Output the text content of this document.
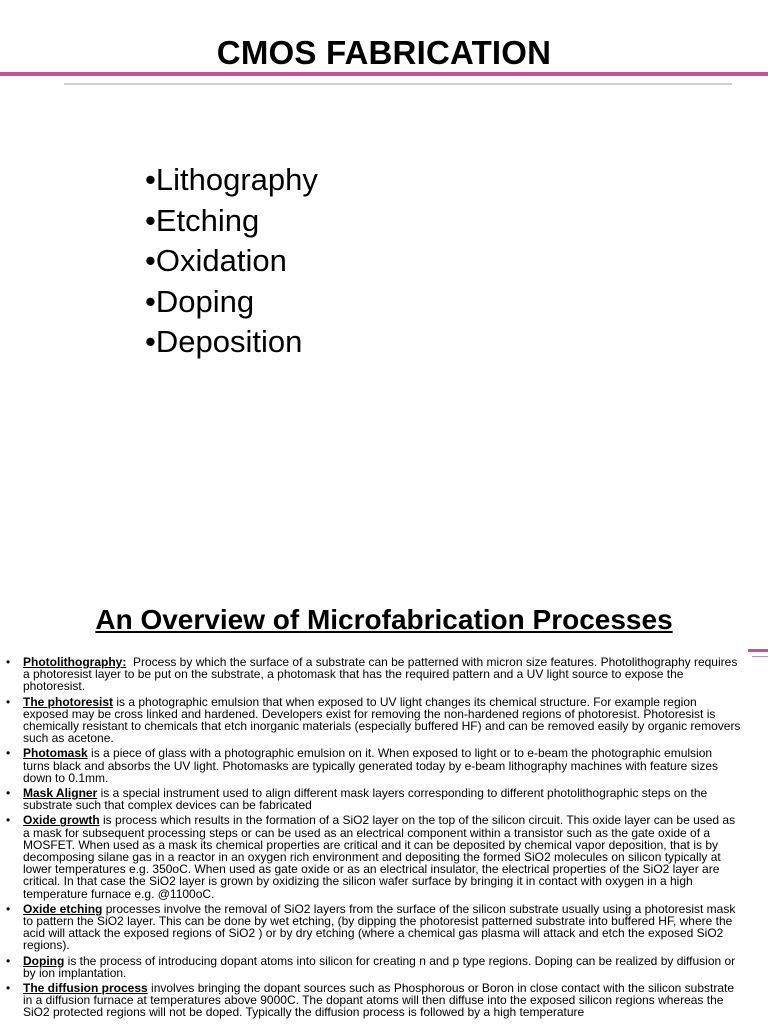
CMOS FABRICATION
•Lithography
•Etching
•Oxidation
•Doping
•Deposition
An Overview of Microfabrication Processes
• Photolithography: Process by which the surface of a substrate can be patterned with micron size features. Photolithography requires a photoresist layer to be put on the substrate, a photomask that has the required pattern and a UV light source to expose the photoresist.
• The photoresist is a photographic emulsion that when exposed to UV light changes its chemical structure. For example region exposed may be cross linked and hardened. Developers exist for removing the non-hardened regions of photoresist. Photoresist is chemically resistant to chemicals that etch inorganic materials (especially buffered HF) and can be removed easily by organic removers such as acetone.
• Photomask is a piece of glass with a photographic emulsion on it. When exposed to light or to e-beam the photographic emulsion turns black and absorbs the UV light. Photomasks are typically generated today by e-beam lithography machines with feature sizes down to 0.1mm.
• Mask Aligner is a special instrument used to align different mask layers corresponding to different photolithographic steps on the substrate such that complex devices can be fabricated
• Oxide growth is process which results in the formation of a SiO2 layer on the top of the silicon circuit. This oxide layer can be used as a mask for subsequent processing steps or can be used as an electrical component within a transistor such as the gate oxide of a MOSFET. When used as a mask its chemical properties are critical and it can be deposited by chemical vapor deposition, that is by decomposing silane gas in a reactor in an oxygen rich environment and depositing the formed SiO2 molecules on silicon typically at lower temperatures e.g. 350oC. When used as gate oxide or as an electrical insulator, the electrical properties of the SiO2 layer are critical. In that case the SiO2 layer is grown by oxidizing the silicon wafer surface by bringing it in contact with oxygen in a high temperature furnace e.g. @1100oC.
• Oxide etching processes involve the removal of SiO2 layers from the surface of the silicon substrate usually using a photoresist mask to pattern the SiO2 layer. This can be done by wet etching, (by dipping the photoresist patterned substrate into buffered HF, where the acid will attack the exposed regions of SiO2 ) or by dry etching (where a chemical gas plasma will attack and etch the exposed SiO2 regions).
• Doping is the process of introducing dopant atoms into silicon for creating n and p type regions. Doping can be realized by diffusion or by ion implantation.
• The diffusion process involves bringing the dopant sources such as Phosphorous or Boron in close contact with the silicon substrate in a diffusion furnace at temperatures above 9000C. The dopant atoms will then diffuse into the exposed silicon regions whereas the SiO2 protected regions will not be doped. Typically the diffusion process is followed by a high temperature
